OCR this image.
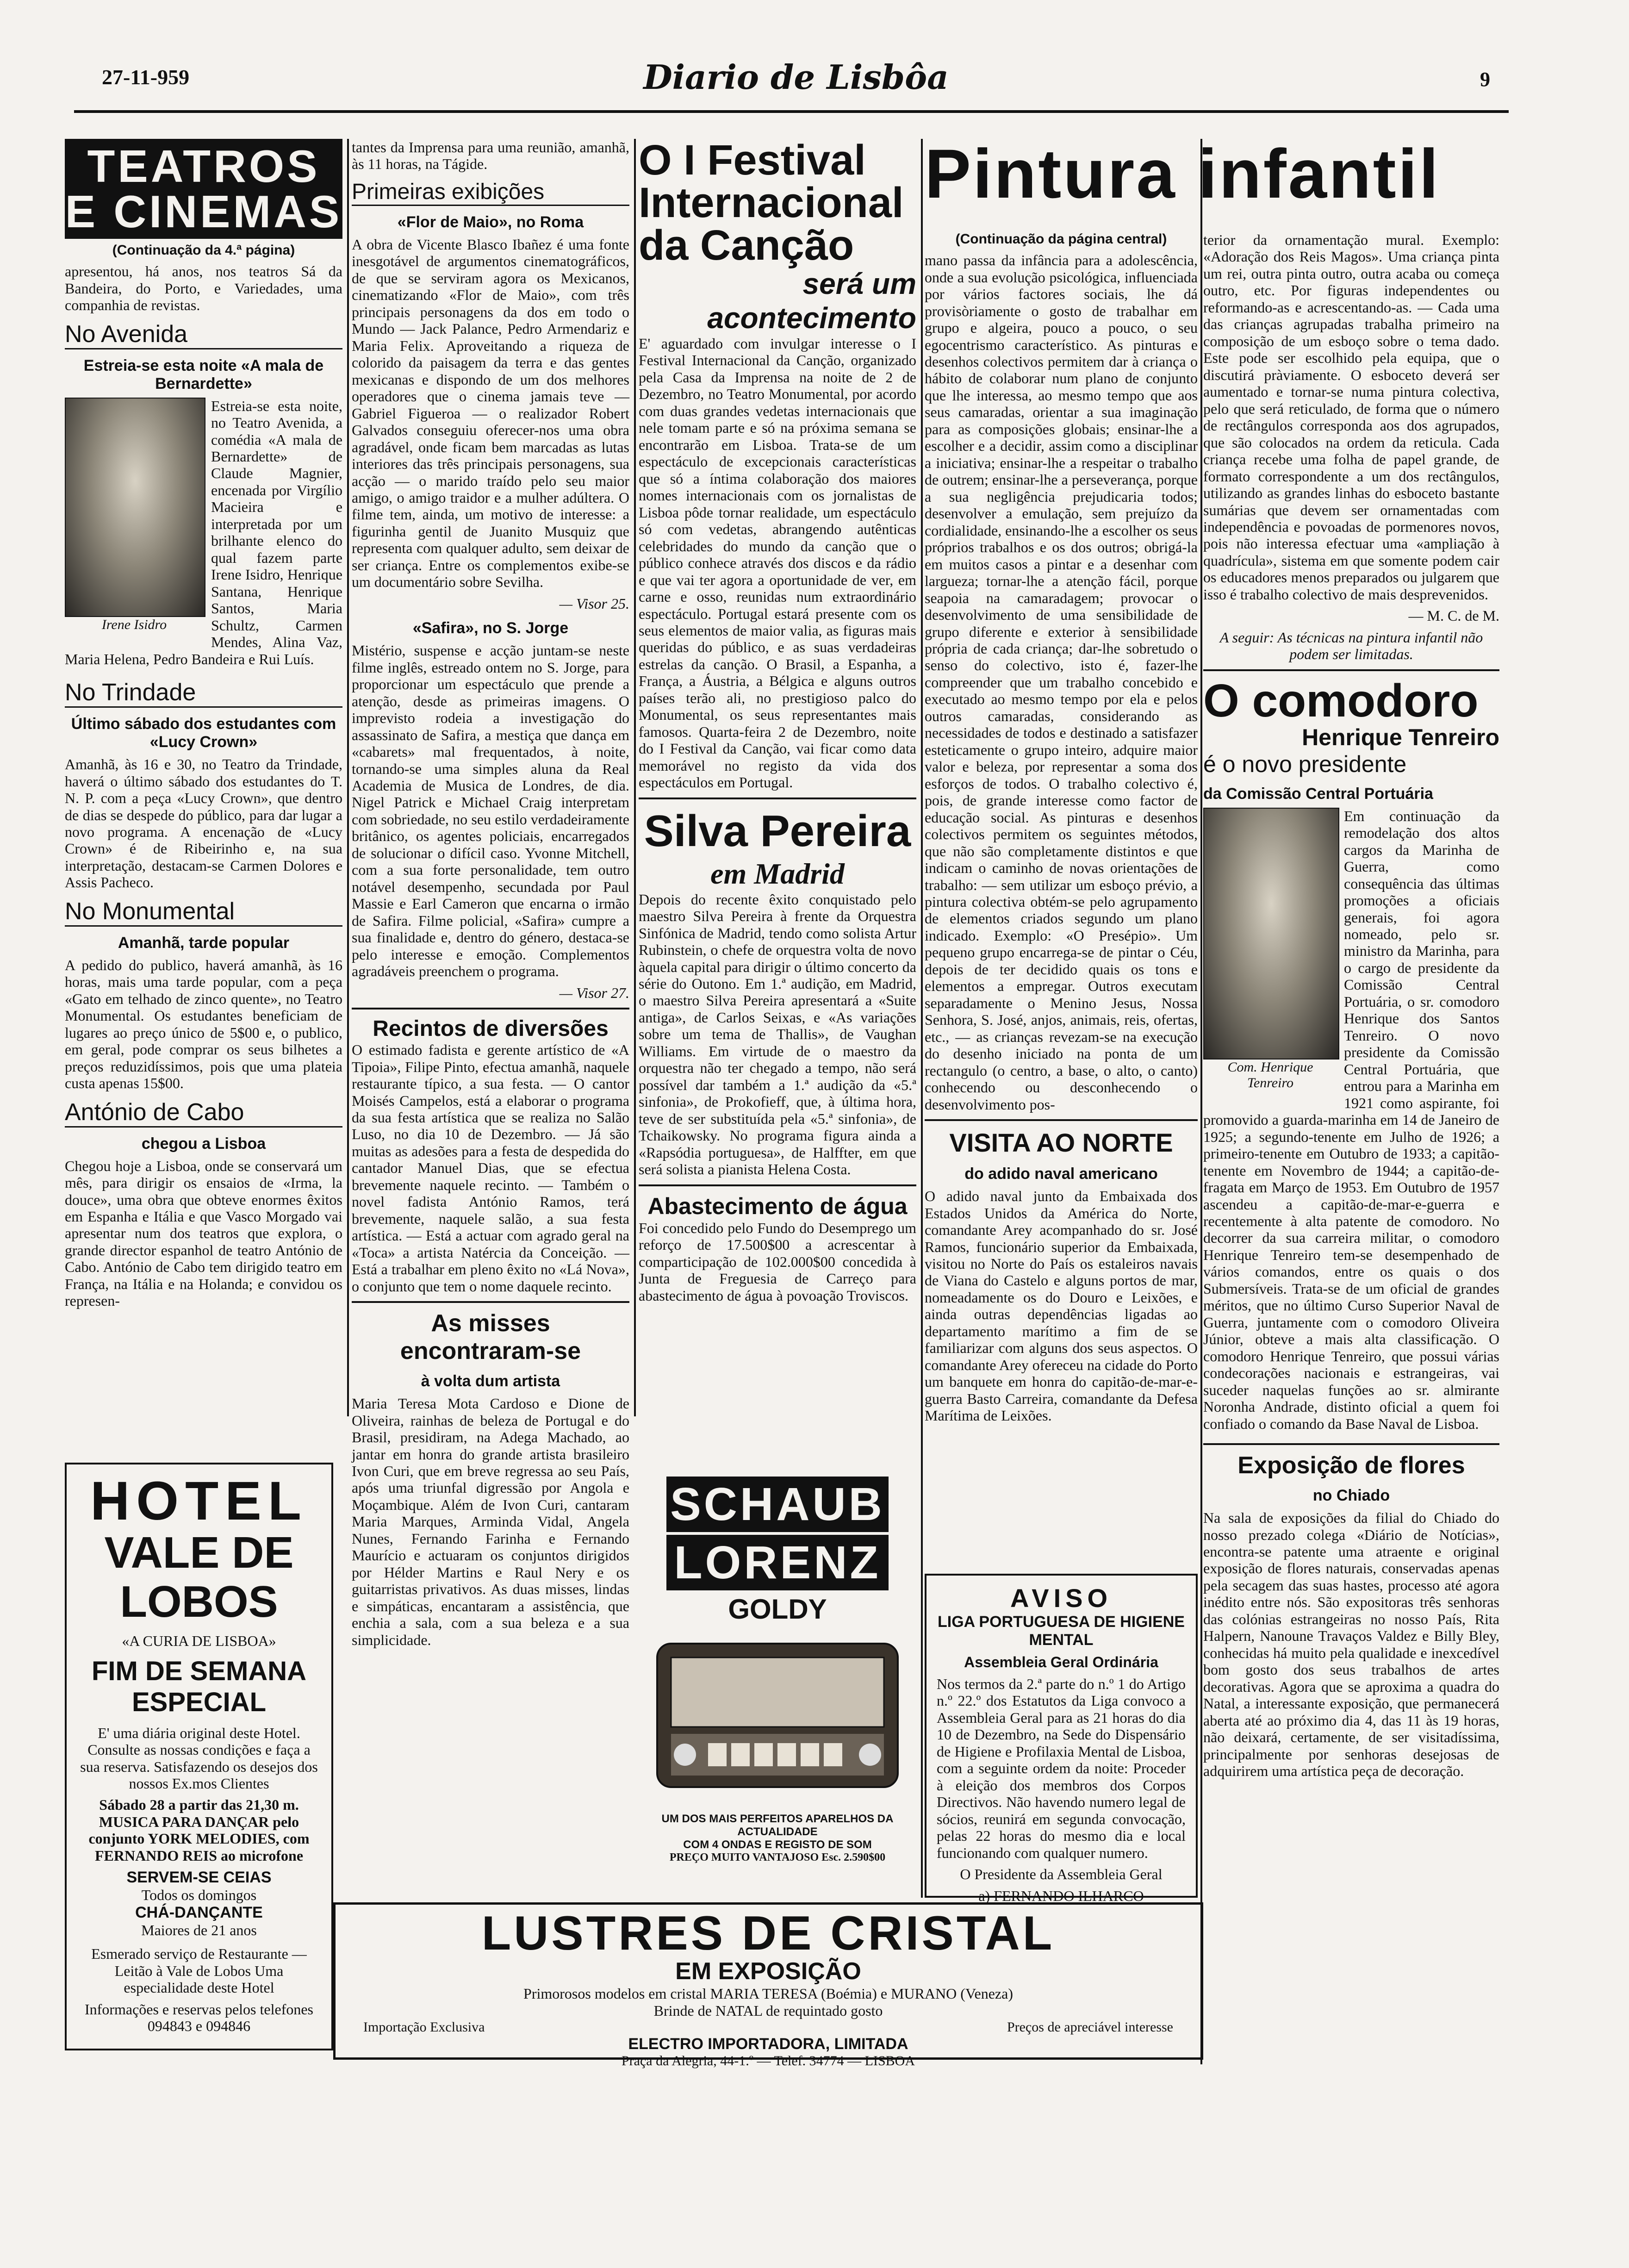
27-11-959	Diario de Lisbôa	9
TEATROS E CINEMAS
(Continuação da 4.ª página)

apresentou, há anos, nos teatros Sá da Bandeira, do Porto, e Variedades, uma companhia de revistas.

No Avenida
Estreia-se esta noite «A mala de Bernardette»
Irene Isidro

Estreia-se esta noite, no Teatro Avenida, a comédia «A mala de Bernardette» de Claude Magnier, encenada por Virgílio Macieira e interpretada por um brilhante elenco do qual fazem parte Irene Isidro, Henrique Santana, Henrique Santos, Maria Schultz, Carmen Mendes, Alina Vaz, Maria Helena, Pedro Bandeira e Rui Luís.

No Trindade
Último sábado dos estudantes com «Lucy Crown»

Amanhã, às 16 e 30, no Teatro da Trindade, haverá o último sábado dos estudantes do T. N. P. com a peça «Lucy Crown», que dentro de dias se despede do público, para dar lugar a novo programa. A encenação de «Lucy Crown» é de Ribeirinho e, na sua interpretação, destacam-se Carmen Dolores e Assis Pacheco.

No Monumental
Amanhã, tarde popular

A pedido do publico, haverá amanhã, às 16 horas, mais uma tarde popular, com a peça «Gato em telhado de zinco quente», no Teatro Monumental. Os estudantes beneficiam de lugares ao preço único de 5$00 e, o publico, em geral, pode comprar os seus bilhetes a preços reduzidíssimos, pois que uma plateia custa apenas 15$00.

António de Cabo
chegou a Lisboa

Chegou hoje a Lisboa, onde se conservará um mês, para dirigir os ensaios de «Irma, la douce», uma obra que obteve enormes êxitos em Espanha e Itália e que Vasco Morgado vai apresentar num dos teatros que explora, o grande director espanhol de teatro António de Cabo. António de Cabo tem dirigido teatro em França, na Itália e na Holanda; e convidou os represen-

tantes da Imprensa para uma reunião, amanhã, às 11 horas, na Tágide.

Primeiras exibições
«Flor de Maio», no Roma

A obra de Vicente Blasco Ibañez é uma fonte inesgotável de argumentos cinematográficos, de que se serviram agora os Mexicanos, cinematizando «Flor de Maio», com três principais personagens da dos em todo o Mundo — Jack Palance, Pedro Armendariz e Maria Felix. Aproveitando a riqueza de colorido da paisagem da terra e das gentes mexicanas e dispondo de um dos melhores operadores que o cinema jamais teve — Gabriel Figueroa — o realizador Robert Galvados conseguiu oferecer-nos uma obra agradável, onde ficam bem marcadas as lutas interiores das três principais personagens, sua acção — o marido traído pelo seu maior amigo, o amigo traidor e a mulher adúltera. O filme tem, ainda, um motivo de interesse: a figurinha gentil de Juanito Musquiz que representa com qualquer adulto, sem deixar de ser criança. Entre os complementos exibe-se um documentário sobre Sevilha.

— Visor 25.

«Safira», no S. Jorge

Mistério, suspense e acção juntam-se neste filme inglês, estreado ontem no S. Jorge, para proporcionar um espectáculo que prende a atenção, desde as primeiras imagens. O imprevisto rodeia a investigação do assassinato de Safira, a mestiça que dança em «cabarets» mal frequentados, à noite, tornando-se uma simples aluna da Real Academia de Musica de Londres, de dia. Nigel Patrick e Michael Craig interpretam com sobriedade, no seu estilo verdadeiramente britânico, os agentes policiais, encarregados de solucionar o difícil caso. Yvonne Mitchell, com a sua forte personalidade, tem outro notável desempenho, secundada por Paul Massie e Earl Cameron que encarna o irmão de Safira. Filme policial, «Safira» cumpre a sua finalidade e, dentro do género, destaca-se pelo interesse e emoção. Complementos agradáveis preenchem o programa.

— Visor 27.

Recintos de diversões

O estimado fadista e gerente artístico de «A Tipoia», Filipe Pinto, efectua amanhã, naquele restaurante típico, a sua festa. — O cantor Moisés Campelos, está a elaborar o programa da sua festa artística que se realiza no Salão Luso, no dia 10 de Dezembro. — Já são muitas as adesões para a festa de despedida do cantador Manuel Dias, que se efectua brevemente naquele recinto. — Também o novel fadista António Ramos, terá brevemente, naquele salão, a sua festa artística. — Está a actuar com agrado geral na «Toca» a artista Natércia da Conceição. — Está a trabalhar em pleno êxito no «Lá Nova», o conjunto que tem o nome daquele recinto.

As misses encontraram-se
à volta dum artista

Maria Teresa Mota Cardoso e Dione de Oliveira, rainhas de beleza de Portugal e do Brasil, presidiram, na Adega Machado, ao jantar em honra do grande artista brasileiro Ivon Curi, que em breve regressa ao seu País, após uma triunfal digressão por Angola e Moçambique. Além de Ivon Curi, cantaram Maria Marques, Arminda Vidal, Angela Nunes, Fernando Farinha e Fernando Maurício e actuaram os conjuntos dirigidos por Hélder Martins e Raul Nery e os guitarristas privativos. As duas misses, lindas e simpáticas, encantaram a assistência, que enchia a sala, com a sua beleza e a sua simplicidade.

O I Festival Internacional da Canção
será um acontecimento

E' aguardado com invulgar interesse o I Festival Internacional da Canção, organizado pela Casa da Imprensa na noite de 2 de Dezembro, no Teatro Monumental, por acordo com duas grandes vedetas internacionais que nele tomam parte e só na próxima semana se encontrarão em Lisboa. Trata-se de um espectáculo de excepcionais características que só a íntima colaboração dos maiores nomes internacionais com os jornalistas de Lisboa pôde tornar realidade, um espectáculo só com vedetas, abrangendo autênticas celebridades do mundo da canção que o público conhece através dos discos e da rádio e que vai ter agora a oportunidade de ver, em carne e osso, reunidas num extraordinário espectáculo. Portugal estará presente com os seus elementos de maior valia, as figuras mais queridas do público, e as suas verdadeiras estrelas da canção. O Brasil, a Espanha, a França, a Áustria, a Bélgica e alguns outros países terão ali, no prestigioso palco do Monumental, os seus representantes mais famosos. Quarta-feira 2 de Dezembro, noite do I Festival da Canção, vai ficar como data memorável no registo da vida dos espectáculos em Portugal.

Silva Pereira
em Madrid

Depois do recente êxito conquistado pelo maestro Silva Pereira à frente da Orquestra Sinfónica de Madrid, tendo como solista Artur Rubinstein, o chefe de orquestra volta de novo àquela capital para dirigir o último concerto da série do Outono. Em 1.ª audição, em Madrid, o maestro Silva Pereira apresentará a «Suite antiga», de Carlos Seixas, e «As variações sobre um tema de Thallis», de Vaughan Williams. Em virtude de o maestro da orquestra não ter chegado a tempo, não será possível dar também a 1.ª audição da «5.ª sinfonia», de Prokofieff, que, à última hora, teve de ser substituída pela «5.ª sinfonia», de Tchaikowsky. No programa figura ainda a «Rapsódia portuguesa», de Halffter, em que será solista a pianista Helena Costa.

Abastecimento de água

Foi concedido pelo Fundo do Desemprego um reforço de 17.500$00 a acrescentar à comparticipação de 102.000$00 concedida à Junta de Freguesia de Carreço para abastecimento de água à povoação Troviscos.

Pintura infantil
(Continuação da página central)

mano passa da infância para a adolescência, onde a sua evolução psicológica, influenciada por vários factores sociais, lhe dá provisòriamente o gosto de trabalhar em grupo e algeira, pouco a pouco, o seu egocentrismo característico. As pinturas e desenhos colectivos permitem dar à criança o hábito de colaborar num plano de conjunto que lhe interessa, ao mesmo tempo que aos seus camaradas, orientar a sua imaginação para as composições globais; ensinar-lhe a escolher e a decidir, assim como a disciplinar a iniciativa; ensinar-lhe a respeitar o trabalho de outrem; ensinar-lhe a perseverança, porque a sua negligência prejudicaria todos; desenvolver a emulação, sem prejuízo da cordialidade, ensinando-lhe a escolher os seus próprios trabalhos e os dos outros; obrigá-la em muitos casos a pintar e a desenhar com largueza; tornar-lhe a atenção fácil, porque seapoia na camaradagem; provocar o desenvolvimento de uma sensibilidade de grupo diferente e exterior à sensibilidade própria de cada criança; dar-lhe sobretudo o senso do colectivo, isto é, fazer-lhe compreender que um trabalho concebido e executado ao mesmo tempo por ela e pelos outros camaradas, considerando as necessidades de todos e destinado a satisfazer esteticamente o grupo inteiro, adquire maior valor e beleza, por representar a soma dos esforços de todos. O trabalho colectivo é, pois, de grande interesse como factor de educação social. As pinturas e desenhos colectivos permitem os seguintes métodos, que não são completamente distintos e que indicam o caminho de novas orientações de trabalho: — sem utilizar um esboço prévio, a pintura colectiva obtém-se pelo agrupamento de elementos criados segundo um plano indicado. Exemplo: «O Presépio». Um pequeno grupo encarrega-se de pintar o Céu, depois de ter decidido quais os tons e elementos a empregar. Outros executam separadamente o Menino Jesus, Nossa Senhora, S. José, anjos, animais, reis, ofertas, etc., — as crianças revezam-se na execução do desenho iniciado na ponta de um rectangulo (o centro, a base, o alto, o canto) conhecendo ou desconhecendo o desenvolvimento pos-

VISITA AO NORTE
do adido naval americano

O adido naval junto da Embaixada dos Estados Unidos da América do Norte, comandante Arey acompanhado do sr. José Ramos, funcionário superior da Embaixada, visitou no Norte do País os estaleiros navais de Viana do Castelo e alguns portos de mar, nomeadamente os do Douro e Leixões, e ainda outras dependências ligadas ao departamento marítimo a fim de se familiarizar com alguns dos seus aspectos. O comandante Arey ofereceu na cidade do Porto um banquete em honra do capitão-de-mar-e-guerra Basto Carreira, comandante da Defesa Marítima de Leixões.

terior da ornamentação mural. Exemplo: «Adoração dos Reis Magos». Uma criança pinta um rei, outra pinta outro, outra acaba ou começa outro, etc. Por figuras independentes ou reformando-as e acrescentando-as. — Cada uma das crianças agrupadas trabalha primeiro na composição de um esboço sobre o tema dado. Este pode ser escolhido pela equipa, que o discutirá pràviamente. O esboceto deverá ser aumentado e tornar-se numa pintura colectiva, pelo que será reticulado, de forma que o número de rectângulos corresponda aos dos agrupados, que são colocados na ordem da reticula. Cada criança recebe uma folha de papel grande, de formato correspondente a um dos rectângulos, utilizando as grandes linhas do esboceto bastante sumárias que devem ser ornamentadas com independência e povoadas de pormenores novos, pois não interessa efectuar uma «ampliação à quadrícula», sistema em que somente podem cair os educadores menos preparados ou julgarem que isso é trabalho colectivo de mais desprevenidos.

— M. C. de M.

A seguir: As técnicas na pintura infantil não podem ser limitadas.

O comodoro
Henrique Tenreiro
é o novo presidente
da Comissão Central Portuária
Com. Henrique Tenreiro

Em continuação da remodelação dos altos cargos da Marinha de Guerra, como consequência das últimas promoções a oficiais generais, foi agora nomeado, pelo sr. ministro da Marinha, para o cargo de presidente da Comissão Central Portuária, o sr. comodoro Henrique dos Santos Tenreiro. O novo presidente da Comissão Central Portuária, que entrou para a Marinha em 1921 como aspirante, foi promovido a guarda-marinha em 14 de Janeiro de 1925; a segundo-tenente em Julho de 1926; a primeiro-tenente em Outubro de 1933; a capitão-tenente em Novembro de 1944; a capitão-de-fragata em Março de 1953. Em Outubro de 1957 ascendeu a capitão-de-mar-e-guerra e recentemente à alta patente de comodoro. No decorrer da sua carreira militar, o comodoro Henrique Tenreiro tem-se desempenhado de vários comandos, entre os quais o dos Submersíveis. Trata-se de um oficial de grandes méritos, que no último Curso Superior Naval de Guerra, juntamente com o comodoro Oliveira Júnior, obteve a mais alta classificação. O comodoro Henrique Tenreiro, que possui várias condecorações nacionais e estrangeiras, vai suceder naquelas funções ao sr. almirante Noronha Andrade, distinto oficial a quem foi confiado o comando da Base Naval de Lisboa.

Exposição de flores
no Chiado

Na sala de exposições da filial do Chiado do nosso prezado colega «Diário de Notícias», encontra-se patente uma atraente e original exposição de flores naturais, conservadas apenas pela secagem das suas hastes, processo até agora inédito entre nós. São expositoras três senhoras das colónias estrangeiras no nosso País, Rita Halpern, Nanoune Travaços Valdez e Billy Bley, conhecidas há muito pela qualidade e inexcedível bom gosto dos seus trabalhos de artes decorativas. Agora que se aproxima a quadra do Natal, a interessante exposição, que permanecerá aberta até ao próximo dia 4, das 11 às 19 horas, não deixará, certamente, de ser visitadíssima, principalmente por senhoras desejosas de adquirirem uma artística peça de decoração.

HOTEL
VALE DE LOBOS
«A CURIA DE LISBOA»
FIM DE SEMANA ESPECIAL

E' uma diária original deste Hotel. Consulte as nossas condições e faça a sua reserva. Satisfazendo os desejos dos nossos Ex.mos Clientes

Sábado 28 a partir das 21,30 m. MUSICA PARA DANÇAR pelo conjunto YORK MELODIES, com FERNANDO REIS ao microfone

SERVEM-SE CEIAS
Todos os domingos
CHÁ-DANÇANTE
Maiores de 21 anos

Esmerado serviço de Restaurante — Leitão à Vale de Lobos Uma especialidade deste Hotel

Informações e reservas pelos telefones 094843 e 094846

SCHAUB
LORENZ
GOLDY
UM DOS MAIS PERFEITOS APARELHOS DA ACTUALIDADE
COM 4 ONDAS E REGISTO DE SOM
PREÇO MUITO VANTAJOSO Esc. 2.590$00
AVISO
LIGA PORTUGUESA DE HIGIENE MENTAL
Assembleia Geral Ordinária

Nos termos da 2.ª parte do n.º 1 do Artigo n.º 22.º dos Estatutos da Liga convoco a Assembleia Geral para as 21 horas do dia 10 de Dezembro, na Sede do Dispensário de Higiene e Profilaxia Mental de Lisboa, com a seguinte ordem da noite: Proceder à eleição dos membros dos Corpos Directivos. Não havendo numero legal de sócios, reunirá em segunda convocação, pelas 22 horas do mesmo dia e local funcionando com qualquer numero.

O Presidente da Assembleia Geral

a) FERNANDO ILHARCO

LUSTRES DE CRISTAL
EM EXPOSIÇÃO
Primorosos modelos em cristal MARIA TERESA (Boémia) e MURANO (Veneza)
Brinde de NATAL de requintado gosto
Importação Exclusiva	Preços de apreciável interesse
ELECTRO IMPORTADORA, LIMITADA
Praça da Alegria, 44-1.º — Telef. 34774 — LISBOA
